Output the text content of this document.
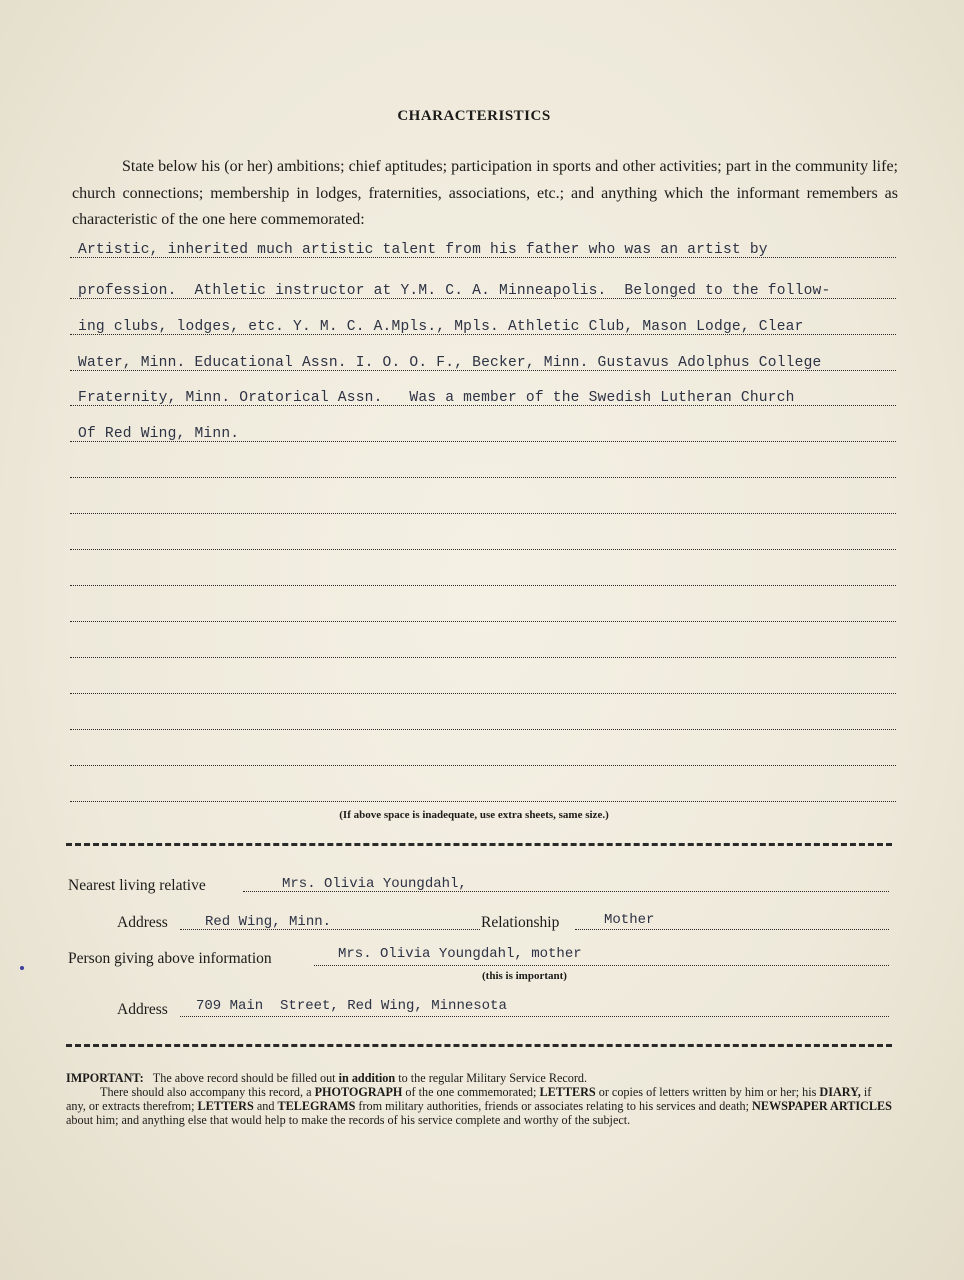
CHARACTERISTICS

State below his (or her) ambitions; chief aptitudes; participation in sports and other activities; part in the community life; church connections; membership in lodges, fraternities, associations, etc.; and anything which the informant remembers as characteristic of the one here commemorated:

Artistic, inherited much artistic talent from his father who was an artist by
profession.  Athletic instructor at Y.M. C. A. Minneapolis.  Belonged to the follow-
ing clubs, lodges, etc. Y. M. C. A.Mpls., Mpls. Athletic Club, Mason Lodge, Clear
Water, Minn. Educational Assn. I. O. O. F., Becker, Minn. Gustavus Adolphus College
Fraternity, Minn. Oratorical Assn.   Was a member of the Swedish Lutheran Church
Of Red Wing, Minn.
(If above space is inadequate, use extra sheets, same size.)
Nearest living relative	Mrs. Olivia Youngdahl,
Address	Red Wing, Minn.	Relationship	Mother
Person giving above information	Mrs. Olivia Youngdahl, mother
(this is important)
Address 709 Main  Street, Red Wing, Minnesota

IMPORTANT: The above record should be filled out in addition to the regular Military Service Record.

There should also accompany this record, a PHOTOGRAPH of the one commemorated; LETTERS or copies of letters written by him or her; his DIARY, if any, or extracts therefrom; LETTERS and TELEGRAMS from military authorities, friends or associates relating to his services and death; NEWSPAPER ARTICLES about him; and anything else that would help to make the records of his service complete and worthy of the subject.
